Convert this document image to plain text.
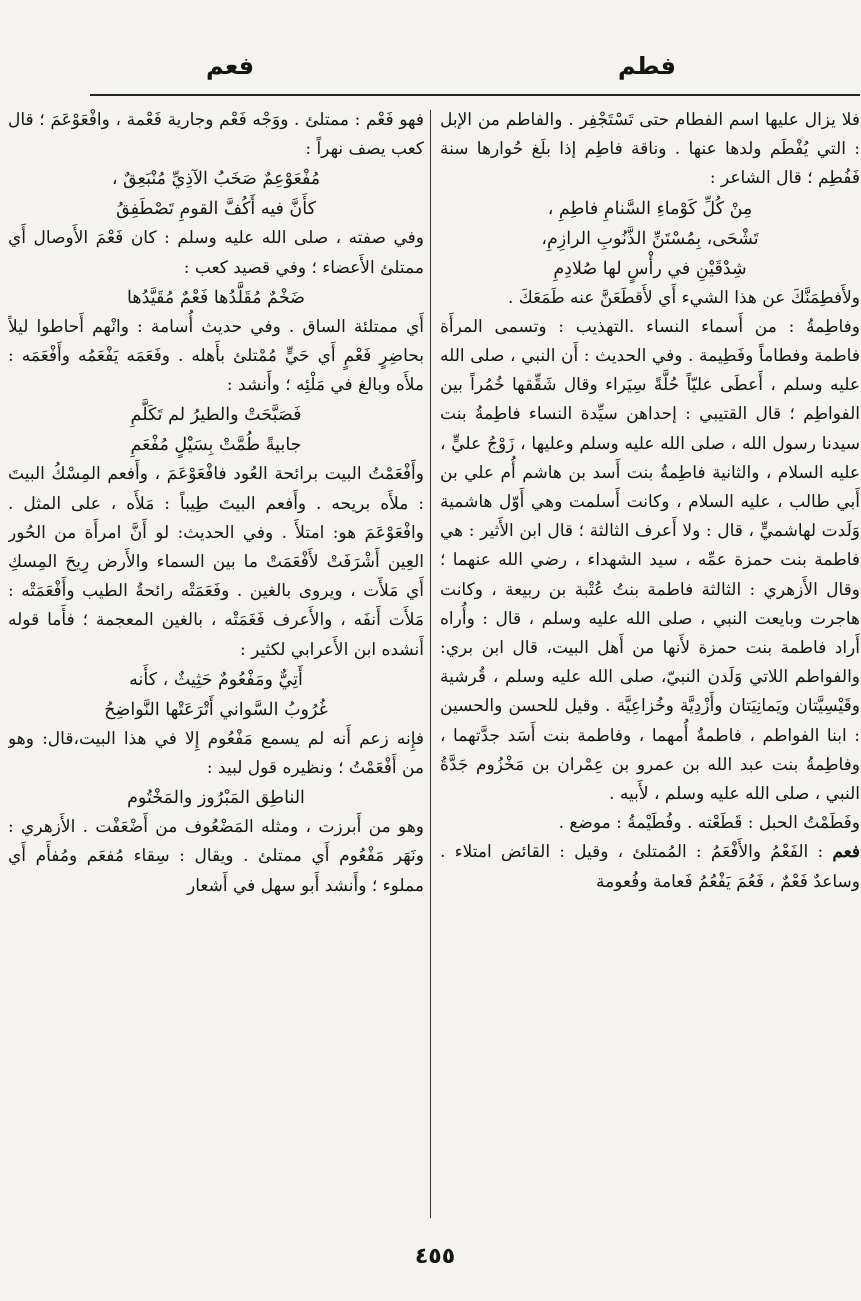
فطم
فعم

فلا يزال عليها اسم الفطام حتى تَسْتَجْفِر . والفاطم من الإبل : التي يُفْطَم ولدها عنها . وناقة فاطِم إذا بلَغ حُوارها سنة فَفُطِم ؛ قال الشاعر :

مِنْ كُلِّ كَوْماءِ السَّنامِ فاطِمِ ،

تَشْحَى، بِمُسْتَنِّ الذَّنُوبِ الرازِمِ،

شِدْقَيْنِ في رأْسٍ لها صُلادِمِ

ولأَفطِمَنَّكَ عن هذا الشيء أَي لأَقطَعَنَّ عنه طَمَعَكَ .

وفاطِمةُ : من أَسماء النساء .التهذيب : وتسمى المرأَة فاطمة وفطاماً وفَطِيمة . وفي الحديث : أَن النبي ، صلى الله عليه وسلم ، أَعطَى عليّاً حُلَّةً سِيَراء وقال شَقِّقها خُمُراً بين الفواطِم ؛ قال القتيبي : إحداهن سيِّدة النساء فاطِمةُ بنت سيدنا رسول الله ، صلى الله عليه وسلم وعليها ، زَوْجُ عليٍّ ، عليه السلام ، والثانية فاطِمةُ بنت أَسد بن هاشم أُم علي بن أَبي طالب ، عليه السلام ، وكانت أَسلمت وهي أَوّل هاشمية وَلَدت لهاشميٍّ ، قال : ولا أَعرف الثالثة ؛ قال ابن الأَثير : هي فاطمة بنت حمزة عمِّه ، سيد الشهداء ، رضي الله عنهما ؛ وقال الأَزهري : الثالثة فاطمة بنتُ عُتْبة بن ربيعة ، وكانت هاجرت وبايعت النبي ، صلى الله عليه وسلم ، قال : وأُراه أَراد فاطمة بنت حمزة لأَنها من أَهل البيت، قال ابن بري: والفواطم اللاتي وَلَدن النبيّ، صلى الله عليه وسلم ، قُرشية وقَيْسِيَّتان ويَمانِيَتان وأَزْدِيَّة وخُزاعِيَّة . وقيل للحسن والحسين : ابنا الفواطم ، فاطمةُ أُمهما ، وفاطمة بنت أَسَد جدَّتهما ، وفاطِمةُ بنت عبد الله بن عمرو بن عِمْران بن مَخْزُوم جَدَّةُ النبي ، صلى الله عليه وسلم ، لأَبيه .

وفَطَمْتُ الحبل : قَطَعْته . وفُطَيْمةُ : موضع .

فعم : الفَعْمُ والأَفْعَمُ : المُمتلئ ، وقيل : القائض امتلاء . وساعدٌ فَعْمٌ ، فَعُمَ يَفْعُمُ فَعامة وفُعومة

فهو فَعْم : ممتلئ . ووَجْه فَعْم وجارية فَعْمة ، وافْعَوْعَمَ ؛ قال كعب يصف نهراً :

مُفْعَوْعِمٌ صَخَبُ الآذِيِّ مُنْبَعِقٌ ،

كأَنَّ فيه أَكُفَّ القومِ تَصْطَفِقُ

وفي صفته ، صلى الله عليه وسلم : كان فَعْمَ الأَوصال أَي ممتلئ الأَعضاء ؛ وفي قصيد كعب :

ضَخْمٌ مُقَلَّدُها فَعْمٌ مُقَيَّدُها

أَي ممتلئة الساق . وفي حديث أُسامة : وانْهم أَحاطوا ليلاً بحاضِرٍ فَعْمٍ أَي حَيٍّ مُمْتلئ بأَهله . وفَعَمَه يَفْعَمُه وأَفْعَمَه : ملأَه وبالغ في مَلْئِه ؛ وأَنشد :

فَصَبَّحَتْ والطيرُ لم تَكَلَّمِ

جابيةً طُمَّتْ بِسَيْلٍ مُفْعَمِ

وأَفْعَمْتُ البيت برائحة العُود فافْعَوْعَمَ ، وأَفعم المِسْكُ البيتَ : ملأَه بريحه . وأَفعم البيتَ طِيباً : مَلأَه ، على المثل . وافْعَوْعَمَ هو: امتلأَ . وفي الحديث: لو أَنَّ امرأَة من الحُور العِين أَشْرَفَتْ لأَفْعَمَتْ ما بين السماء والأَرض رِيحَ المِسكِ أَي مَلأَت ، ويروى بالغين . وفَعَمَتْه رائحةُ الطيب وأَفْعَمَتْه : مَلأَت أَنفَه ، والأَعرف فَغَمَتْه ، بالغين المعجمة ؛ فأَما قوله أَنشده ابن الأَعرابي لكثير :

أَتِيٌّ ومَفْعُومٌ حَثِيثٌ ، كأَنه

غُرُوبُ السَّواني أَتْرَعَتْها النَّواضِحُ

فإِنه زعم أَنه لم يسمع مَفْعُوم إِلا في هذا البيت،قال: وهو من أَفْعَمْتُ ؛ ونظيره قول لبيد :

الناطِق المَبْرُوز والمَخْتُوم

وهو من أَبرزت ، ومثله المَضْعُوف من أَضْعَفْت . الأَزهري : ونَهَر مَفْعُوم أَي ممتلئ . ويقال : سِقاء مُفعَم ومُفأَم أَي مملوء ؛ وأَنشد أَبو سهل في أَشعار

٤٥٥
